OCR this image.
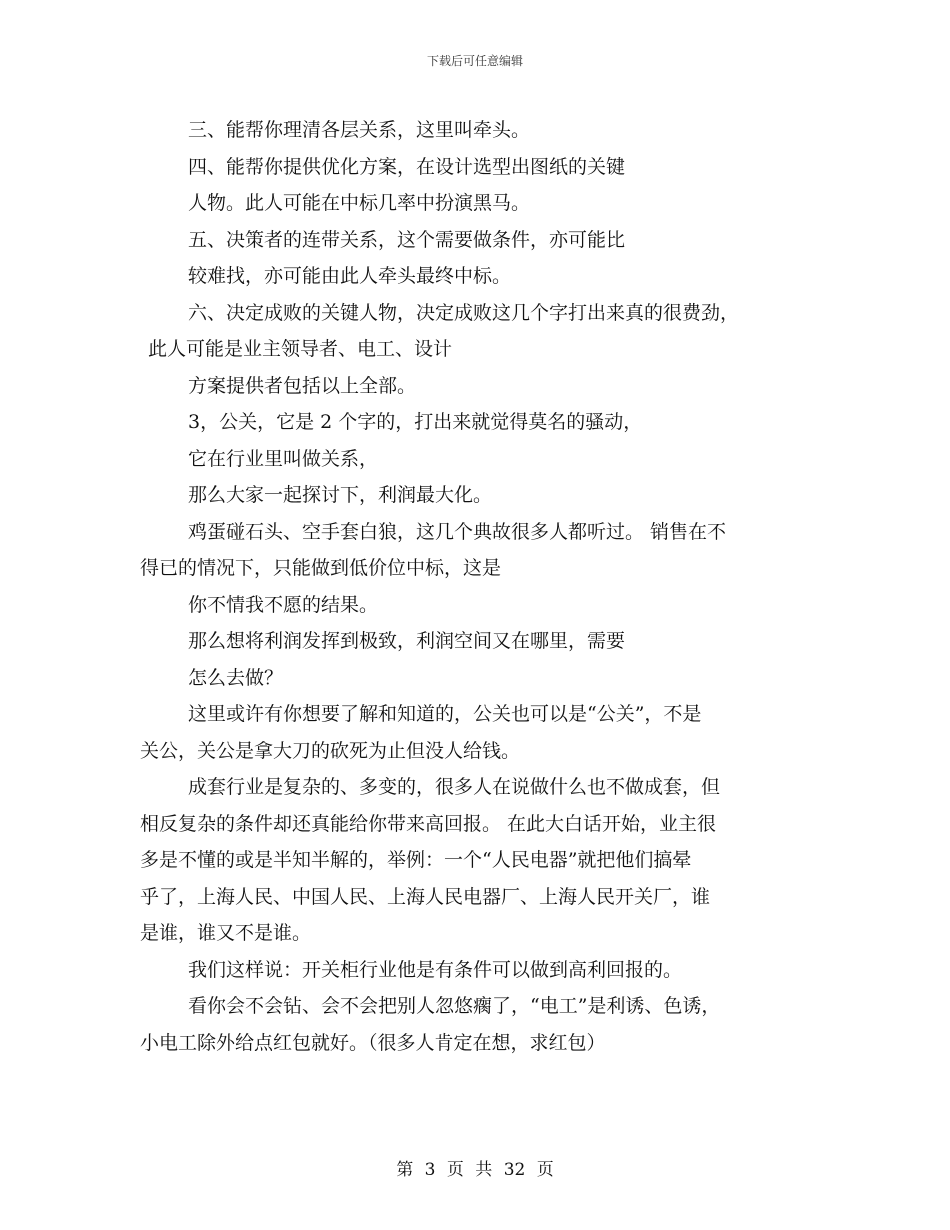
下载后可任意编辑
三、能帮你理清各层关系，这里叫牵头。
四、能帮你提供优化方案，在设计选型出图纸的关键
人物。此人可能在中标几率中扮演黑马。
五、决策者的连带关系，这个需要做条件，亦可能比
较难找，亦可能由此人牵头最终中标。
六、决定成败的关键人物，决定成败这几个字打出来真的很费劲，
此人可能是业主领导者、电工、设计
方案提供者包括以上全部。
3，公关，它是 2 个字的，打出来就觉得莫名的骚动，
它在行业里叫做关系，
那么大家一起探讨下，利润最大化。
鸡蛋碰石头、空手套白狼，这几个典故很多人都听过。 销售在不
得已的情况下，只能做到低价位中标，这是
你不情我不愿的结果。
那么想将利润发挥到极致，利润空间又在哪里，需要
怎么去做？
这里或许有你想要了解和知道的，公关也可以是“公关”，不是
关公，关公是拿大刀的砍死为止但没人给钱。
成套行业是复杂的、多变的，很多人在说做什么也不做成套，但
相反复杂的条件却还真能给你带来高回报。 在此大白话开始，业主很
多是不懂的或是半知半解的，举例：一个“人民电器”就把他们搞晕
乎了，上海人民、中国人民、上海人民电器厂、上海人民开关厂，谁
是谁，谁又不是谁。
我们这样说：开关柜行业他是有条件可以做到高利回报的。
看你会不会钻、会不会把别人忽悠瘸了，“电工”是利诱、色诱，
小电工除外给点红包就好。（很多人肯定在想，求红包）
第 3 页 共 32 页
